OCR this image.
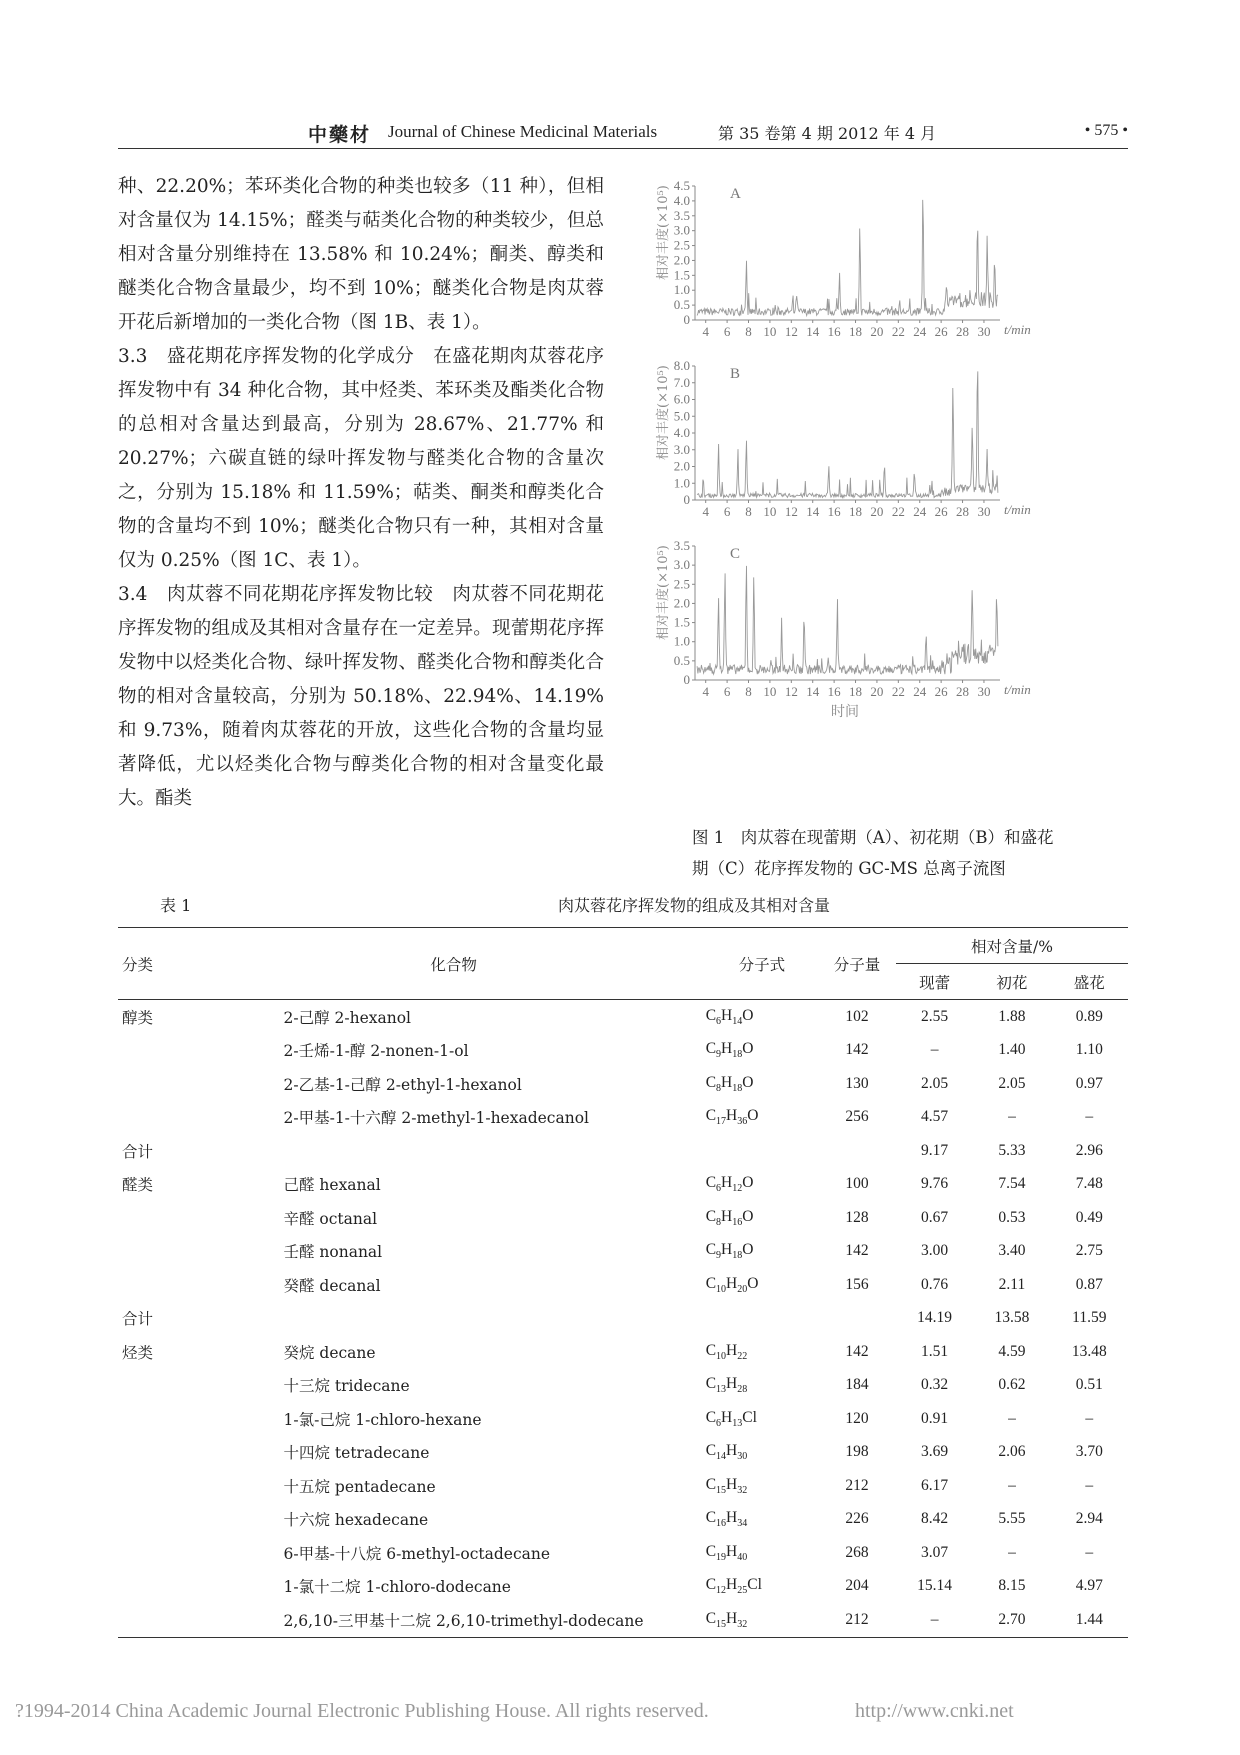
中藥材 Journal of Chinese Medicinal Materials	第 35 卷第 4 期 2012 年 4 月	• 575 •

种、22.20%；苯环类化合物的种类也较多（11 种），但相对含量仅为 14.15%；醛类与萜类化合物的种类较少，但总相对含量分别维持在 13.58% 和 10.24%；酮类、醇类和醚类化合物含量最少，均不到 10%；醚类化合物是肉苁蓉开花后新增加的一类化合物（图 1B、表 1）。

3.3　盛花期花序挥发物的化学成分　在盛花期肉苁蓉花序挥发物中有 34 种化合物，其中烃类、苯环类及酯类化合物的总相对含量达到最高，分别为 28.67%、21.77% 和 20.27%；六碳直链的绿叶挥发物与醛类化合物的含量次之，分别为 15.18% 和 11.59%；萜类、酮类和醇类化合物的含量均不到 10%；醚类化合物只有一种，其相对含量仅为 0.25%（图 1C、表 1）。

3.4　肉苁蓉不同花期花序挥发物比较　肉苁蓉不同花期花序挥发物的组成及其相对含量存在一定差异。现蕾期花序挥发物中以烃类化合物、绿叶挥发物、醛类化合物和醇类化合物的相对含量较高，分别为 50.18%、22.94%、14.19% 和 9.73%，随着肉苁蓉花的开放，这些化合物的含量均显著降低，尤以烃类化合物与醇类化合物的相对含量变化最大。酯类

0
0.5
1.0
1.5
2.0
2.5
3.0
3.5
4.0
4.5
4 6 8 10 12 14 16 18 20 22 24 26 28 30 t/min
A
相对丰度(×10⁵)
0
1.0
2.0
3.0
4.0
5.0
6.0
7.0
8.0
4 6 8 10 12 14 16 18 20 22 24 26 28 30 t/min
B
相对丰度(×10⁵)
0
0.5
1.0
1.5
2.0
2.5
3.0
3.5
4 6 8 10 12 14 16 18 20 22 24 26 28 30 t/min
C
相对丰度(×10⁵)
时间
图 1　肉苁蓉在现蕾期（A）、初花期（B）和盛花
期（C）花序挥发物的 GC-MS 总离子流图
表 1	肉苁蓉花序挥发物的组成及其相对含量
分类	化合物	分子式	分子量	相对含量/%		
				现蕾	初花	盛花
醇类	2-己醇 2-hexanol	$C_6H_{14}O$	102	2.55	1.88	0.89
	2-壬烯-1-醇 2-nonen-1-ol	$C_9H_{18}O$	142	–	1.40	1.10
	2-乙基-1-己醇 2-ethyl-1-hexanol	$C_8H_{18}O$	130	2.05	2.05	0.97
	2-甲基-1-十六醇 2-methyl-1-hexadecanol	$C_{17}H_{36}O$	256	4.57	–	–
合计				9.17	5.33	2.96
醛类	己醛 hexanal	$C_6H_{12}O$	100	9.76	7.54	7.48
	辛醛 octanal	$C_8H_{16}O$	128	0.67	0.53	0.49
	壬醛 nonanal	$C_9H_{18}O$	142	3.00	3.40	2.75
	癸醛 decanal	$C_{10}H_{20}O$	156	0.76	2.11	0.87
合计				14.19	13.58	11.59
烃类	癸烷 decane	$C_{10}H_{22}$	142	1.51	4.59	13.48
	十三烷 tridecane	$C_{13}H_{28}$	184	0.32	0.62	0.51
	1-氯-己烷 1-chloro-hexane	$C_6H_{13}Cl$	120	0.91	–	–
	十四烷 tetradecane	$C_{14}H_{30}$	198	3.69	2.06	3.70
	十五烷 pentadecane	$C_{15}H_{32}$	212	6.17	–	–
	十六烷 hexadecane	$C_{16}H_{34}$	226	8.42	5.55	2.94
	6-甲基-十八烷 6-methyl-octadecane	$C_{19}H_{40}$	268	3.07	–	–
	1-氯十二烷 1-chloro-dodecane	$C_{12}H_{25}Cl$	204	15.14	8.15	4.97
	2,6,10-三甲基十二烷 2,6,10-trimethyl-dodecane	$C_{15}H_{32}$	212	–	2.70	1.44
?1994-2014 China Academic Journal Electronic Publishing House. All rights reserved.	http://www.cnki.net
